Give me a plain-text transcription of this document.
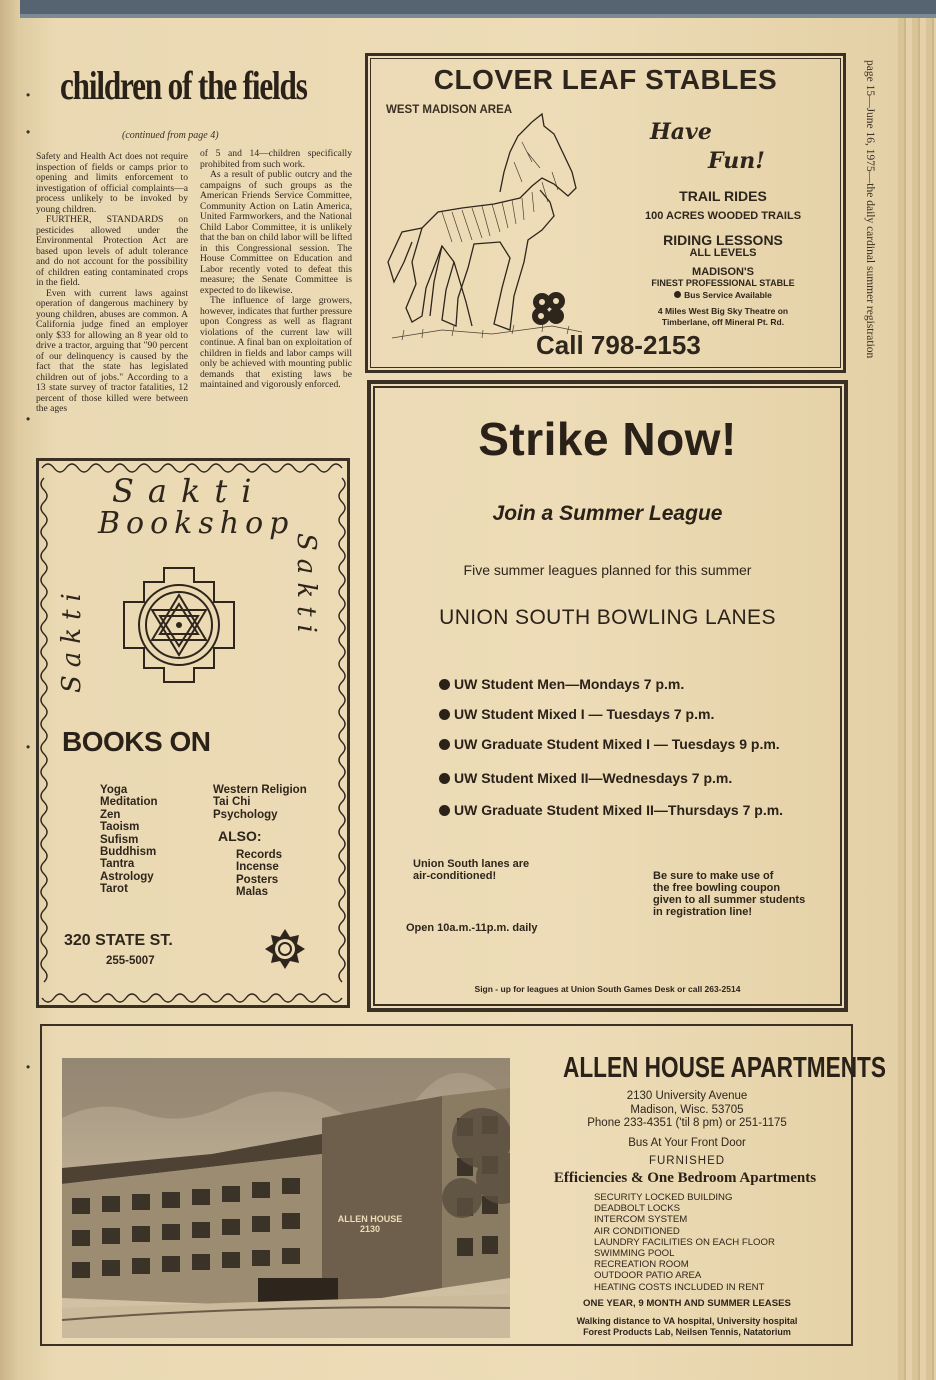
page 15—June 16, 1975—the daily cardinal summer registration
•
•
•
•
•
children of the fields
(continued from page 4)

Safety and Health Act does not require inspection of fields or camps prior to opening and limits enforcement to investigation of official complaints—a process unlikely to be invoked by young children.

FURTHER, STANDARDS on pesticides allowed under the Environmental Protection Act are based upon levels of adult tolerance and do not account for the possibility of children eating contaminated crops in the field.

Even with current laws against operation of dangerous machinery by young children, abuses are common. A California judge fined an employer only $33 for allowing an 8 year old to drive a tractor, arguing that "90 percent of our delinquency is caused by the fact that the state has legislated children out of jobs." According to a 13 state survey of tractor fatalities, 12 percent of those killed were between the ages

of 5 and 14—children specifically prohibited from such work.

As a result of public outcry and the campaigns of such groups as the American Friends Service Committee, Community Action on Latin America, United Farmworkers, and the National Child Labor Committee, it is unlikely that the ban on child labor will be lifted in this Congressional session. The House Committee on Education and Labor recently voted to defeat this measure; the Senate Committee is expected to do likewise.

The influence of large growers, however, indicates that further pressure upon Congress as well as flagrant violations of the current law will continue. A final ban on exploitation of children in fields and labor camps will only be achieved with mounting public demands that existing laws be maintained and vigorously enforced.

CLOVER LEAF STABLES
WEST MADISON AREA
Have
Fun!
TRAIL RIDES
100 ACRES WOODED TRAILS
RIDING LESSONS
ALL LEVELS
MADISON'S
FINEST PROFESSIONAL STABLE
Bus Service Available
4 Miles West Big Sky Theatre on
Timberlane, off Mineral Pt. Rd.
Call 798-2153
Strike Now!
Join a Summer League
Five summer leagues planned for this summer
UNION SOUTH BOWLING LANES
UW Student Men—Mondays 7 p.m.
UW Student Mixed I — Tuesdays 7 p.m.
UW Graduate Student Mixed I — Tuesdays 9 p.m.
UW Student Mixed II—Wednesdays 7 p.m.
UW Graduate Student Mixed II—Thursdays 7 p.m.
Union South lanes are
air-conditioned!	Be sure to make use of
the free bowling coupon
given to all summer students
in registration line!
Open 10a.m.-11p.m. daily
Sign - up for leagues at Union South Games Desk or call 263-2514
Sakti
Bookshop
Sakti	Sakti
BOOKS ON
Yoga
Meditation
Zen
Taoism
Sufism
Buddhism
Tantra
Astrology
Tarot
Western Religion
Tai Chi
Psychology
ALSO:
Records
Incense
Posters
Malas
320 STATE ST.
255-5007
ALLEN HOUSE
2130
ALLEN HOUSE APARTMENTS
2130 University Avenue
Madison, Wisc. 53705
Phone 233-4351 ('til 8 pm) or 251-1175
Bus At Your Front Door
FURNISHED
Efficiencies & One Bedroom Apartments
SECURITY LOCKED BUILDING
DEADBOLT LOCKS
INTERCOM SYSTEM
AIR CONDITIONED
LAUNDRY FACILITIES ON EACH FLOOR
SWIMMING POOL
RECREATION ROOM
OUTDOOR PATIO AREA
HEATING COSTS INCLUDED IN RENT
ONE YEAR, 9 MONTH AND SUMMER LEASES
Walking distance to VA hospital, University hospital
Forest Products Lab, Neilsen Tennis, Natatorium
